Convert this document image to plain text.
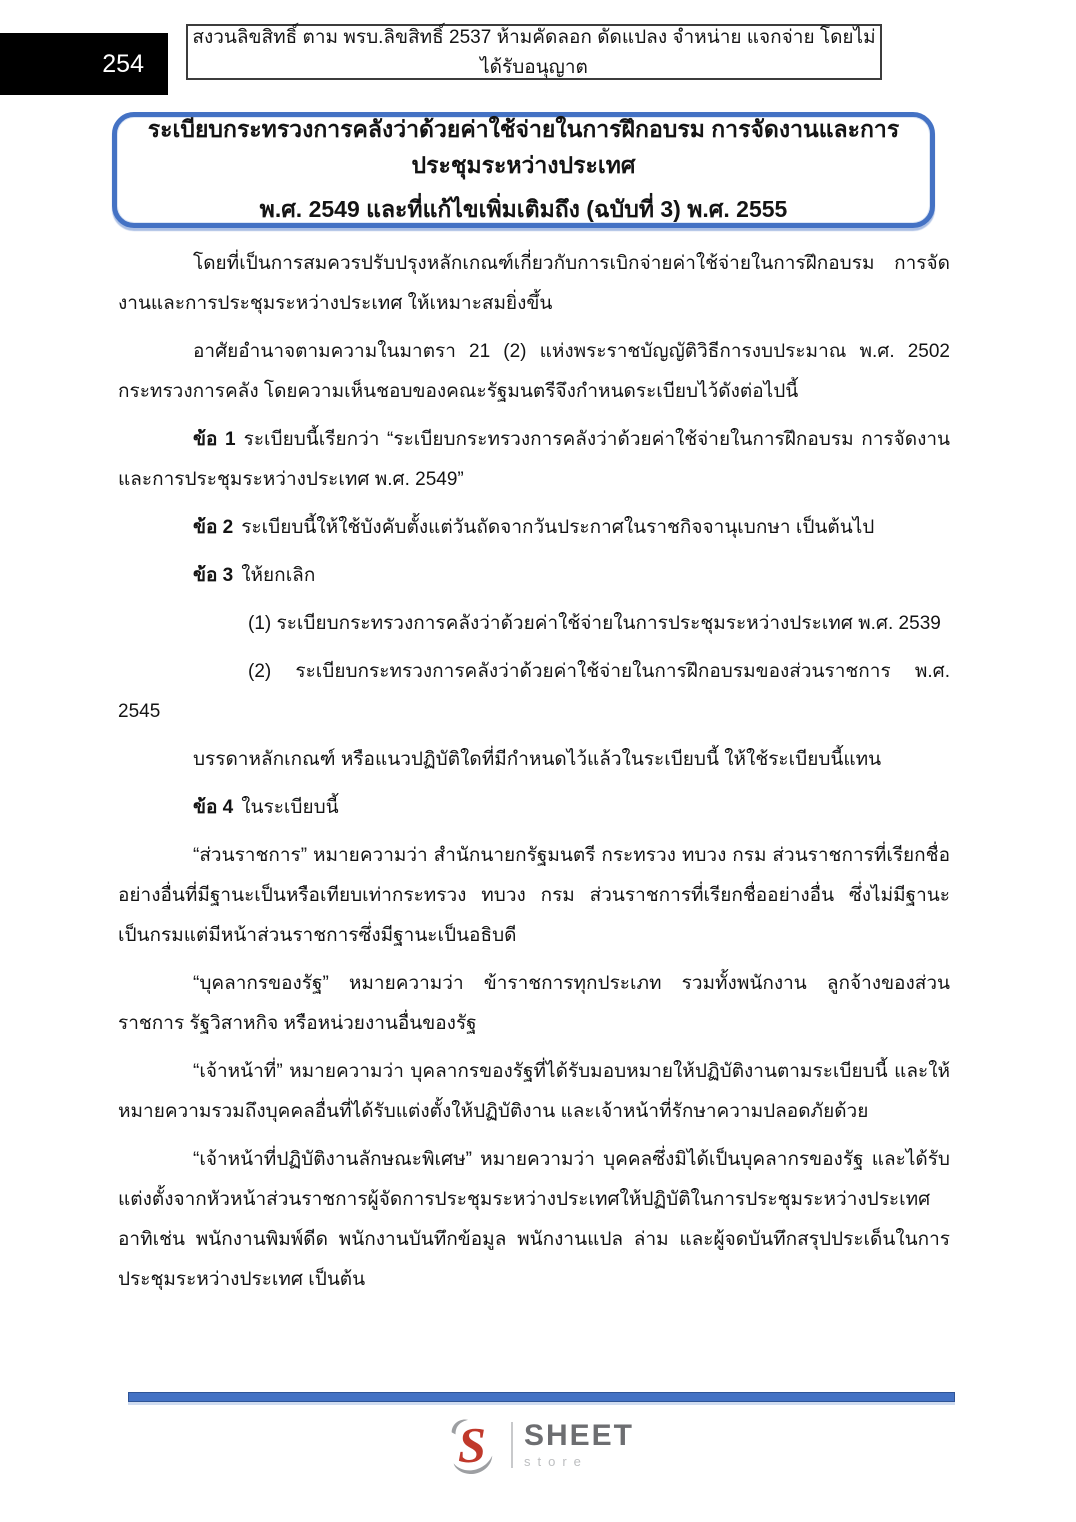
254
สงวนลิขสิทธิ์ ตาม พรบ.ลิขสิทธิ์ 2537 ห้ามคัดลอก ดัดแปลง จำหน่าย แจกจ่าย โดยไม่ได้รับอนุญาต
ระเบียบกระทรวงการคลังว่าด้วยค่าใช้จ่ายในการฝึกอบรม การจัดงานและการประชุมระหว่างประเทศ
พ.ศ. 2549 และที่แก้ไขเพิ่มเติมถึง (ฉบับที่ 3) พ.ศ. 2555

โดยที่เป็นการสมควรปรับปรุงหลักเกณฑ์เกี่ยวกับการเบิกจ่ายค่าใช้จ่ายในการฝึกอบรม การจัดงานและการประชุมระหว่างประเทศ ให้เหมาะสมยิ่งขึ้น

อาศัยอำนาจตามความในมาตรา 21 (2) แห่งพระราชบัญญัติวิธีการงบประมาณ พ.ศ. 2502 กระทรวงการคลัง โดยความเห็นชอบของคณะรัฐมนตรีจึงกำหนดระเบียบไว้ดังต่อไปนี้

ข้อ 1 ระเบียบนี้เรียกว่า “ระเบียบกระทรวงการคลังว่าด้วยค่าใช้จ่ายในการฝึกอบรม การจัดงานและการประชุมระหว่างประเทศ พ.ศ. 2549”

ข้อ 2 ระเบียบนี้ให้ใช้บังคับตั้งแต่วันถัดจากวันประกาศในราชกิจจานุเบกษา เป็นต้นไป

ข้อ 3 ให้ยกเลิก

(1) ระเบียบกระทรวงการคลังว่าด้วยค่าใช้จ่ายในการประชุมระหว่างประเทศ พ.ศ. 2539

(2) ระเบียบกระทรวงการคลังว่าด้วยค่าใช้จ่ายในการฝึกอบรมของส่วนราชการ พ.ศ. 2545

บรรดาหลักเกณฑ์ หรือแนวปฏิบัติใดที่มีกำหนดไว้แล้วในระเบียบนี้ ให้ใช้ระเบียบนี้แทน

ข้อ 4 ในระเบียบนี้

“ส่วนราชการ” หมายความว่า สำนักนายกรัฐมนตรี กระทรวง ทบวง กรม ส่วนราชการที่เรียกชื่ออย่างอื่นที่มีฐานะเป็นหรือเทียบเท่ากระทรวง ทบวง กรม ส่วนราชการที่เรียกชื่ออย่างอื่น ซึ่งไม่มีฐานะเป็นกรมแต่มีหน้าส่วนราชการซึ่งมีฐานะเป็นอธิบดี

“บุคลากรของรัฐ” หมายความว่า ข้าราชการทุกประเภท รวมทั้งพนักงาน ลูกจ้างของส่วนราชการ รัฐวิสาหกิจ หรือหน่วยงานอื่นของรัฐ

“เจ้าหน้าที่” หมายความว่า บุคลากรของรัฐที่ได้รับมอบหมายให้ปฏิบัติงานตามระเบียบนี้ และให้หมายความรวมถึงบุคคลอื่นที่ได้รับแต่งตั้งให้ปฏิบัติงาน และเจ้าหน้าที่รักษาความปลอดภัยด้วย

“เจ้าหน้าที่ปฏิบัติงานลักษณะพิเศษ” หมายความว่า บุคคลซึ่งมิได้เป็นบุคลากรของรัฐ และได้รับแต่งตั้งจากหัวหน้าส่วนราชการผู้จัดการประชุมระหว่างประเทศให้ปฏิบัติในการประชุมระหว่างประเทศ อาทิเช่น พนักงานพิมพ์ดีด พนักงานบันทึกข้อมูล พนักงานแปล ล่าม และผู้จดบันทึกสรุปประเด็นในการประชุมระหว่างประเทศ เป็นต้น

S SHEET
store
